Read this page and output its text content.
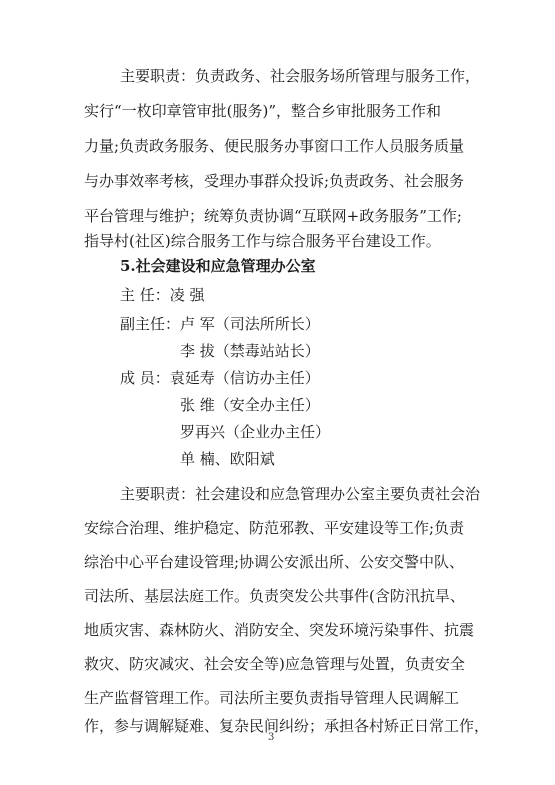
主要职责：负责政务、社会服务场所管理与服务工作，
实行“一枚印章管审批(服务)”，整合乡审批服务工作和
力量;负责政务服务、便民服务办事窗口工作人员服务质量
与办事效率考核，受理办事群众投诉;负责政务、社会服务
平台管理与维护；统筹负责协调“互联网+政务服务”工作;
指导村(社区)综合服务工作与综合服务平台建设工作。
5.社会建设和应急管理办公室
主 任：凌 强
副主任：卢 军（司法所所长）
李 拔（禁毒站站长）
成 员：袁延寿（信访办主任）
张 维（安全办主任）
罗再兴（企业办主任）
单 楠、欧阳斌
主要职责：社会建设和应急管理办公室主要负责社会治
安综合治理、维护稳定、防范邪教、平安建设等工作;负责
综治中心平台建设管理;协调公安派出所、公安交警中队、
司法所、基层法庭工作。负责突发公共事件(含防汛抗旱、
地质灾害、森林防火、消防安全、突发环境污染事件、抗震
救灾、防灾减灾、社会安全等)应急管理与处置，负责安全
生产监督管理工作。司法所主要负责指导管理人民调解工
作，参与调解疑难、复杂民间纠纷；承担各村矫正日常工作，
3
